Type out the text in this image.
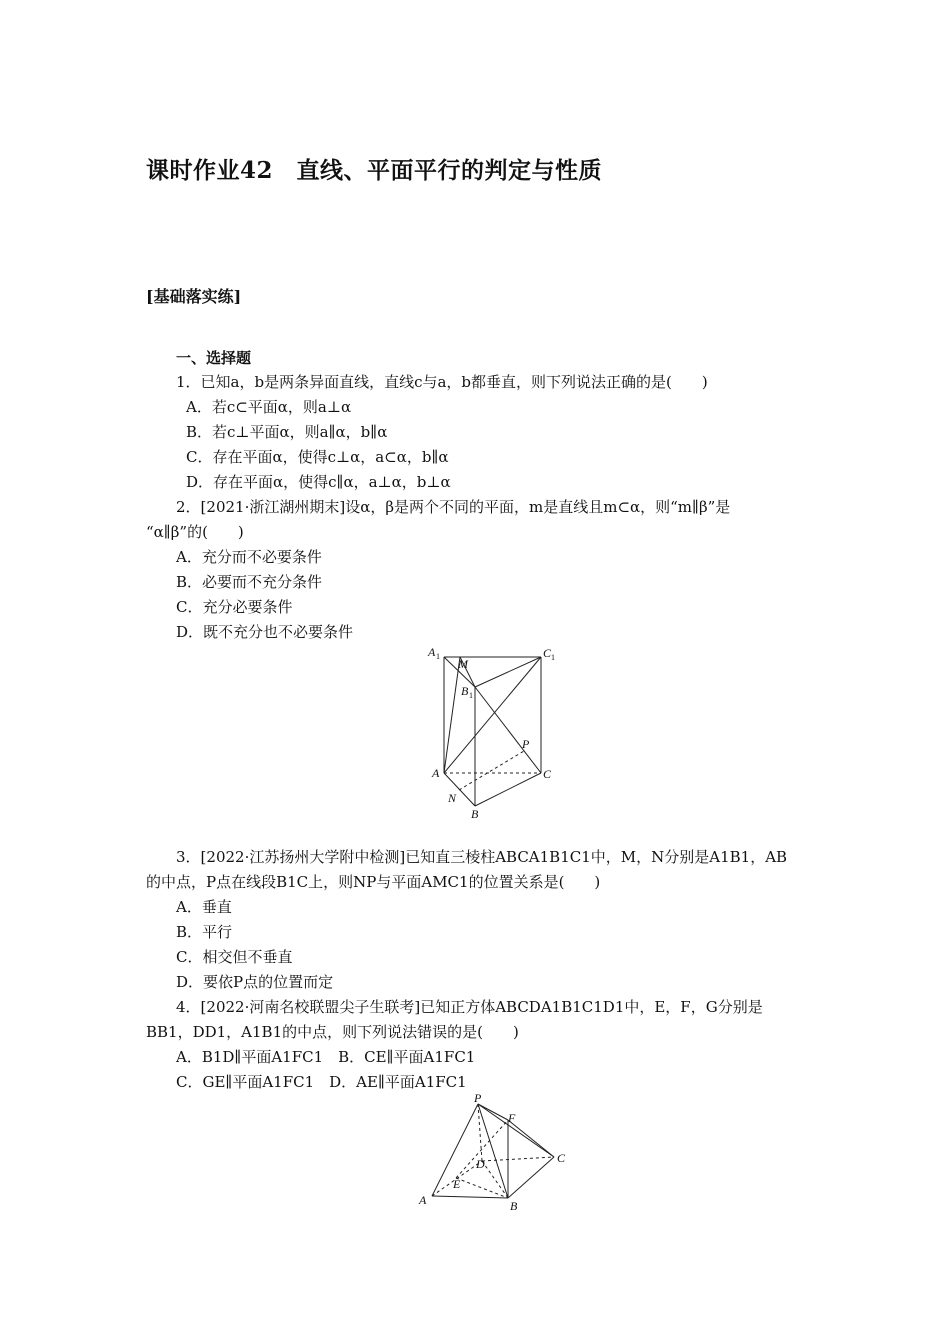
课时作业42　直线、平面平行的判定与性质
[基础落实练]
一、选择题
1．已知a，b是两条异面直线，直线c与a，b都垂直，则下列说法正确的是(　　)
A．若c⊂平面α，则a⊥α
B．若c⊥平面α，则a∥α，b∥α
C．存在平面α，使得c⊥α，a⊂α，b∥α
D．存在平面α，使得c∥α，a⊥α，b⊥α
2．[2021·浙江湖州期末]设α，β是两个不同的平面，m是直线且m⊂α，则“m∥β”是
“α∥β”的(　　)
A．充分而不必要条件
B．必要而不充分条件
C．充分必要条件
D．既不充分也不必要条件
A 1
M
C 1
B 1
P
A	C
N
B
3．[2022·江苏扬州大学附中检测]已知直三棱柱ABCA1B1C1中，M，N分别是A1B1，AB
的中点，P点在线段B1C上，则NP与平面AMC1的位置关系是(　　)
A．垂直
B．平行
C．相交但不垂直
D．要依P点的位置而定
4．[2022·河南名校联盟尖子生联考]已知正方体ABCDA1B1C1D1中，E，F，G分别是
BB1，DD1，A1B1的中点，则下列说法错误的是(　　)
A．B1D∥平面A1FC1　B．CE∥平面A1FC1
C．GE∥平面A1FC1　D．AE∥平面A1FC1
P
F
D	C
E
A	B
